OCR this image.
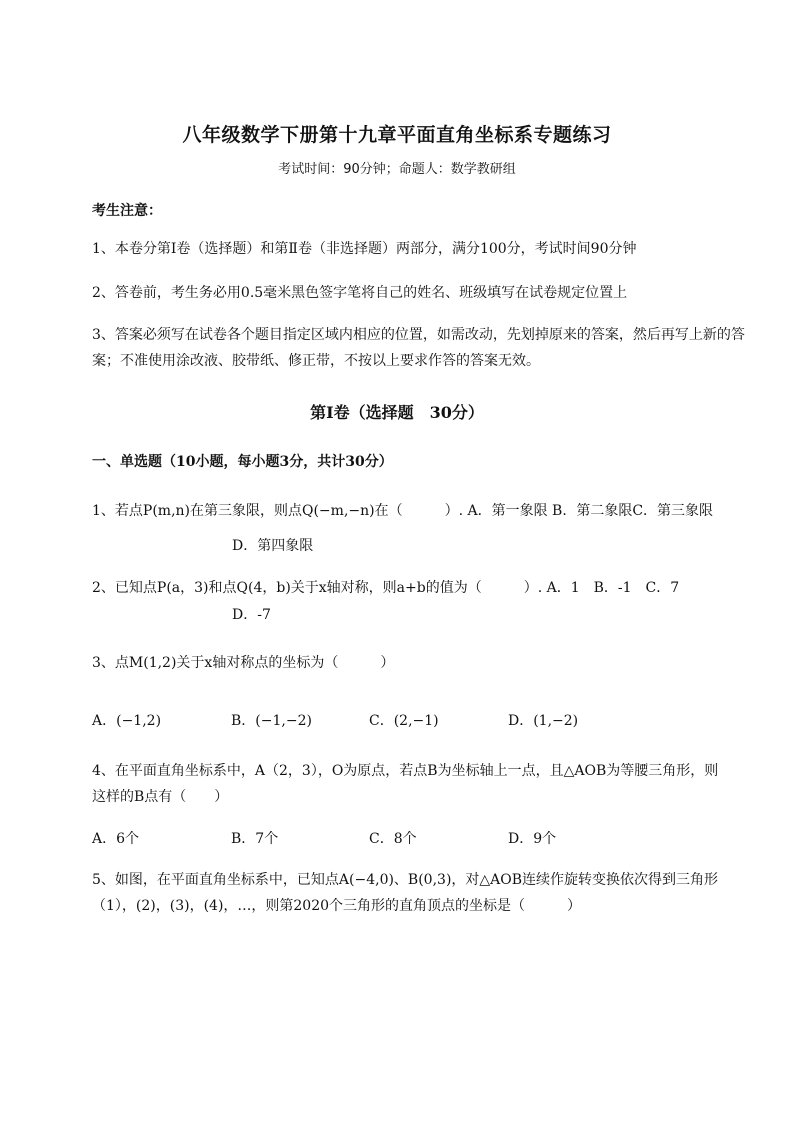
八年级数学下册第十九章平面直角坐标系专题练习
考试时间：90分钟；命题人：数学教研组
考生注意：
1、本卷分第I卷（选择题）和第Ⅱ卷（非选择题）两部分，满分100分，考试时间90分钟
2、答卷前，考生务必用0.5毫米黑色签字笔将自己的姓名、班级填写在试卷规定位置上
3、答案必须写在试卷各个题目指定区域内相应的位置，如需改动，先划掉原来的答案，然后再写上新的答案；不准使用涂改液、胶带纸、修正带，不按以上要求作答的答案无效。
第I卷（选择题　30分）
一、单选题（10小题，每小题3分，共计30分）
1、若点P(m,n)在第三象限，则点Q(−m,−n)在（　　　）. A．第一象限 B．第二象限C．第三象限
D．第四象限
2、已知点P(a，3)和点Q(4，b)关于x轴对称，则a+b的值为（　　　）. A．1　B．-1　C．7
D．-7
3、点M(1,2)关于x轴对称点的坐标为（　　　）
A．(−1,2)	B．(−1,−2)	C．(2,−1)	D．(1,−2)
4、在平面直角坐标系中，A（2，3），O为原点，若点B为坐标轴上一点，且△AOB为等腰三角形，则
这样的B点有（　　）
A．6个	B．7个	C．8个	D．9个
5、如图，在平面直角坐标系中，已知点A(−4,0)、B(0,3)，对△AOB连续作旋转变换依次得到三角形
（1），(2)，(3)，(4)，…，则第2020个三角形的直角顶点的坐标是（　　　）
